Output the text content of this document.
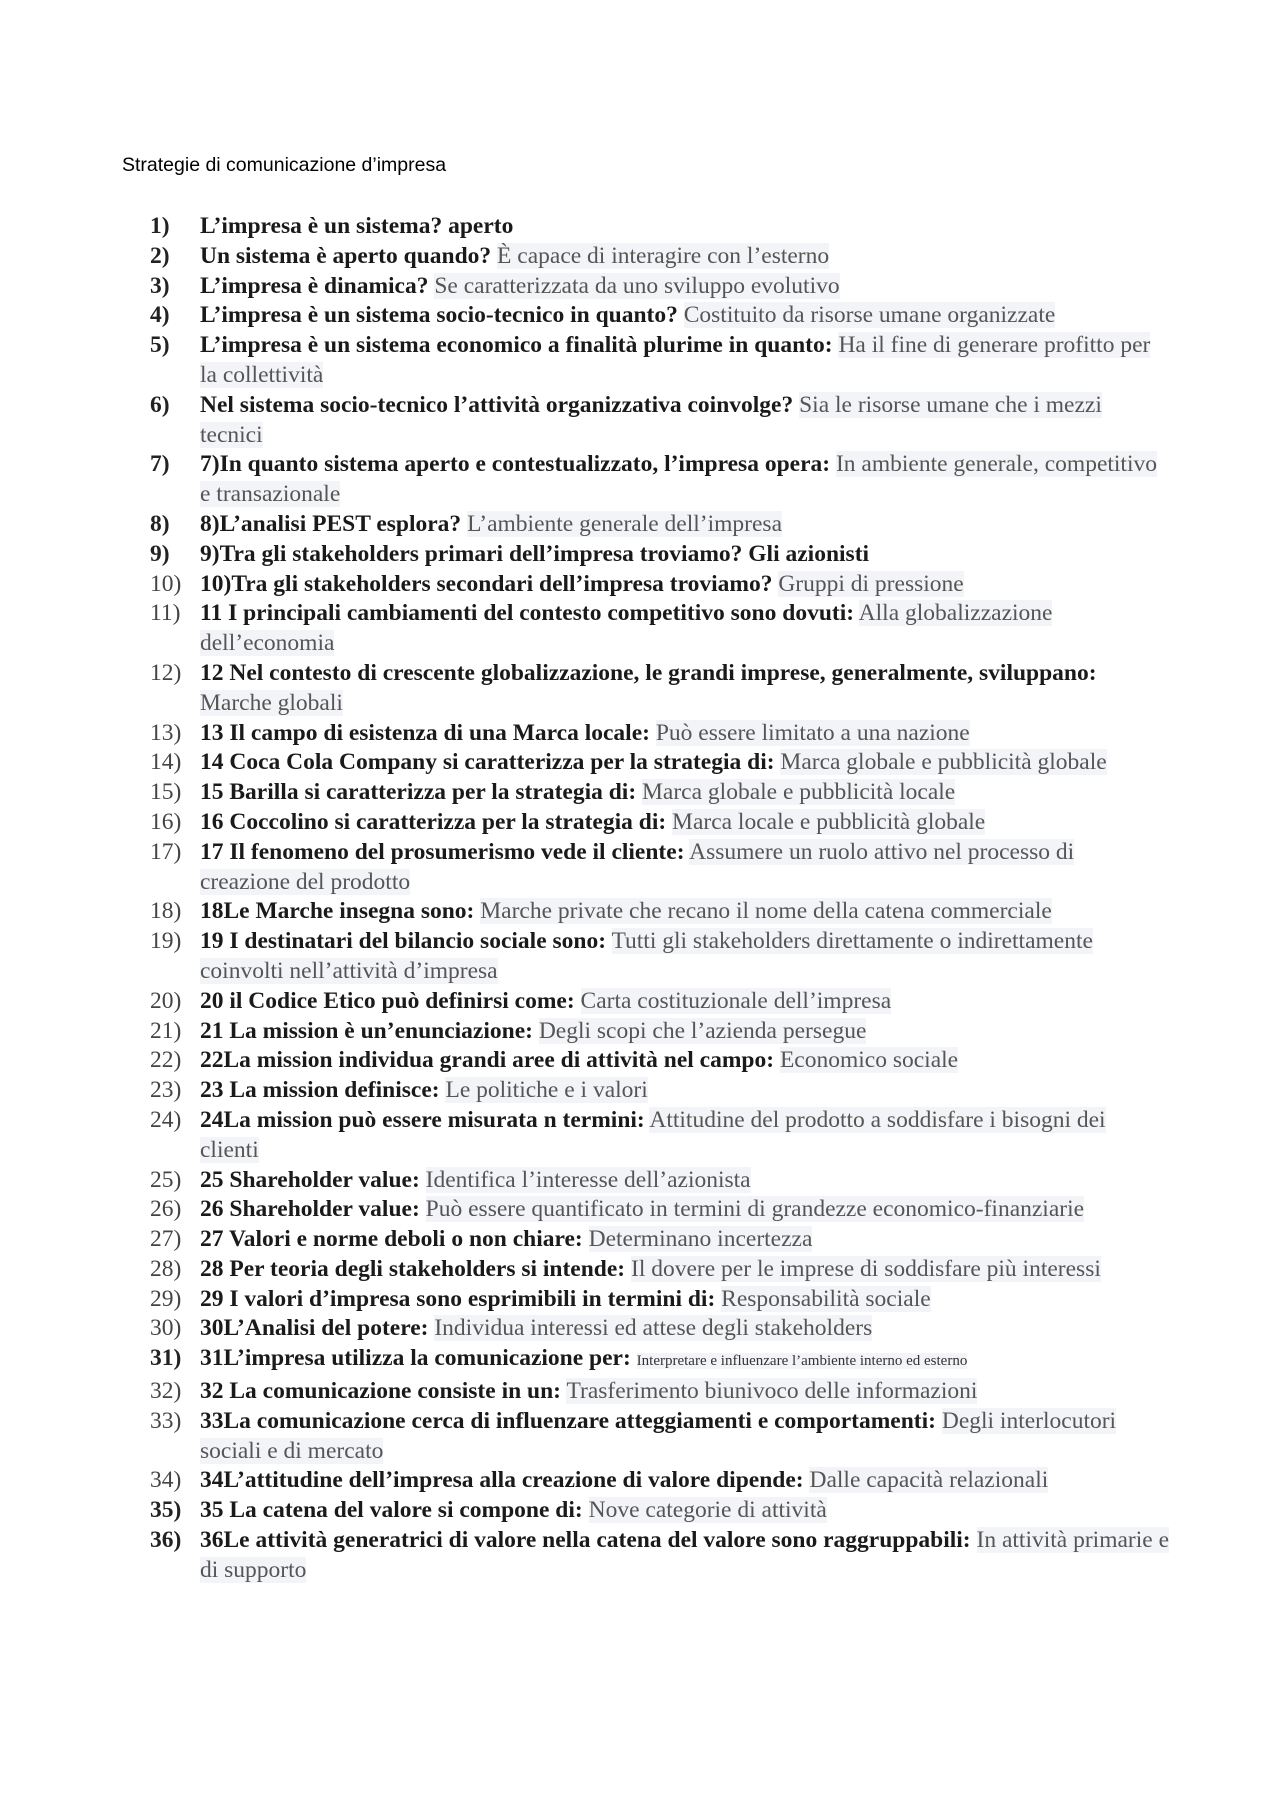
Strategie di comunicazione d’impresa
1)	L’impresa è un sistema? aperto
2)	Un sistema è aperto quando? È capace di interagire con l’esterno
3)	L’impresa è dinamica? Se caratterizzata da uno sviluppo evolutivo
4)	L’impresa è un sistema socio-tecnico in quanto? Costituito da risorse umane organizzate
5)	L’impresa è un sistema economico a finalità plurime in quanto: Ha il fine di generare profitto per la collettività
6)	Nel sistema socio-tecnico l’attività organizzativa coinvolge? Sia le risorse umane che i mezzi tecnici
7)	7)In quanto sistema aperto e contestualizzato, l’impresa opera: In ambiente generale, competitivo e transazionale
8)	8)L’analisi PEST esplora? L’ambiente generale dell’impresa
9)	9)Tra gli stakeholders primari dell’impresa troviamo? Gli azionisti
10) 10)Tra gli stakeholders secondari dell’impresa troviamo? Gruppi di pressione
11) 11 I principali cambiamenti del contesto competitivo sono dovuti: Alla globalizzazione dell’economia
12) 12 Nel contesto di crescente globalizzazione, le grandi imprese, generalmente, sviluppano: Marche globali
13) 13 Il campo di esistenza di una Marca locale: Può essere limitato a una nazione
14) 14 Coca Cola Company si caratterizza per la strategia di: Marca globale e pubblicità globale
15) 15 Barilla si caratterizza per la strategia di: Marca globale e pubblicità locale
16) 16 Coccolino si caratterizza per la strategia di: Marca locale e pubblicità globale
17) 17 Il fenomeno del prosumerismo vede il cliente: Assumere un ruolo attivo nel processo di creazione del prodotto
18) 18Le Marche insegna sono: Marche private che recano il nome della catena commerciale
19) 19 I destinatari del bilancio sociale sono: Tutti gli stakeholders direttamente o indirettamente coinvolti nell’attività d’impresa
20) 20 il Codice Etico può definirsi come: Carta costituzionale dell’impresa
21) 21 La mission è un’enunciazione: Degli scopi che l’azienda persegue
22) 22La mission individua grandi aree di attività nel campo: Economico sociale
23) 23 La mission definisce: Le politiche e i valori
24) 24La mission può essere misurata n termini: Attitudine del prodotto a soddisfare i bisogni dei clienti
25) 25 Shareholder value: Identifica l’interesse dell’azionista
26) 26 Shareholder value: Può essere quantificato in termini di grandezze economico-finanziarie
27) 27 Valori e norme deboli o non chiare: Determinano incertezza
28) 28 Per teoria degli stakeholders si intende: Il dovere per le imprese di soddisfare più interessi
29) 29 I valori d’impresa sono esprimibili in termini di: Responsabilità sociale
30) 30L’Analisi del potere: Individua interessi ed attese degli stakeholders
31) 31L’impresa utilizza la comunicazione per: Interpretare e influenzare l’ambiente interno ed esterno
32) 32 La comunicazione consiste in un: Trasferimento biunivoco delle informazioni
33) 33La comunicazione cerca di influenzare atteggiamenti e comportamenti: Degli interlocutori sociali e di mercato
34) 34L’attitudine dell’impresa alla creazione di valore dipende: Dalle capacità relazionali
35) 35 La catena del valore si compone di: Nove categorie di attività
36) 36Le attività generatrici di valore nella catena del valore sono raggruppabili: In attività primarie e di supporto
